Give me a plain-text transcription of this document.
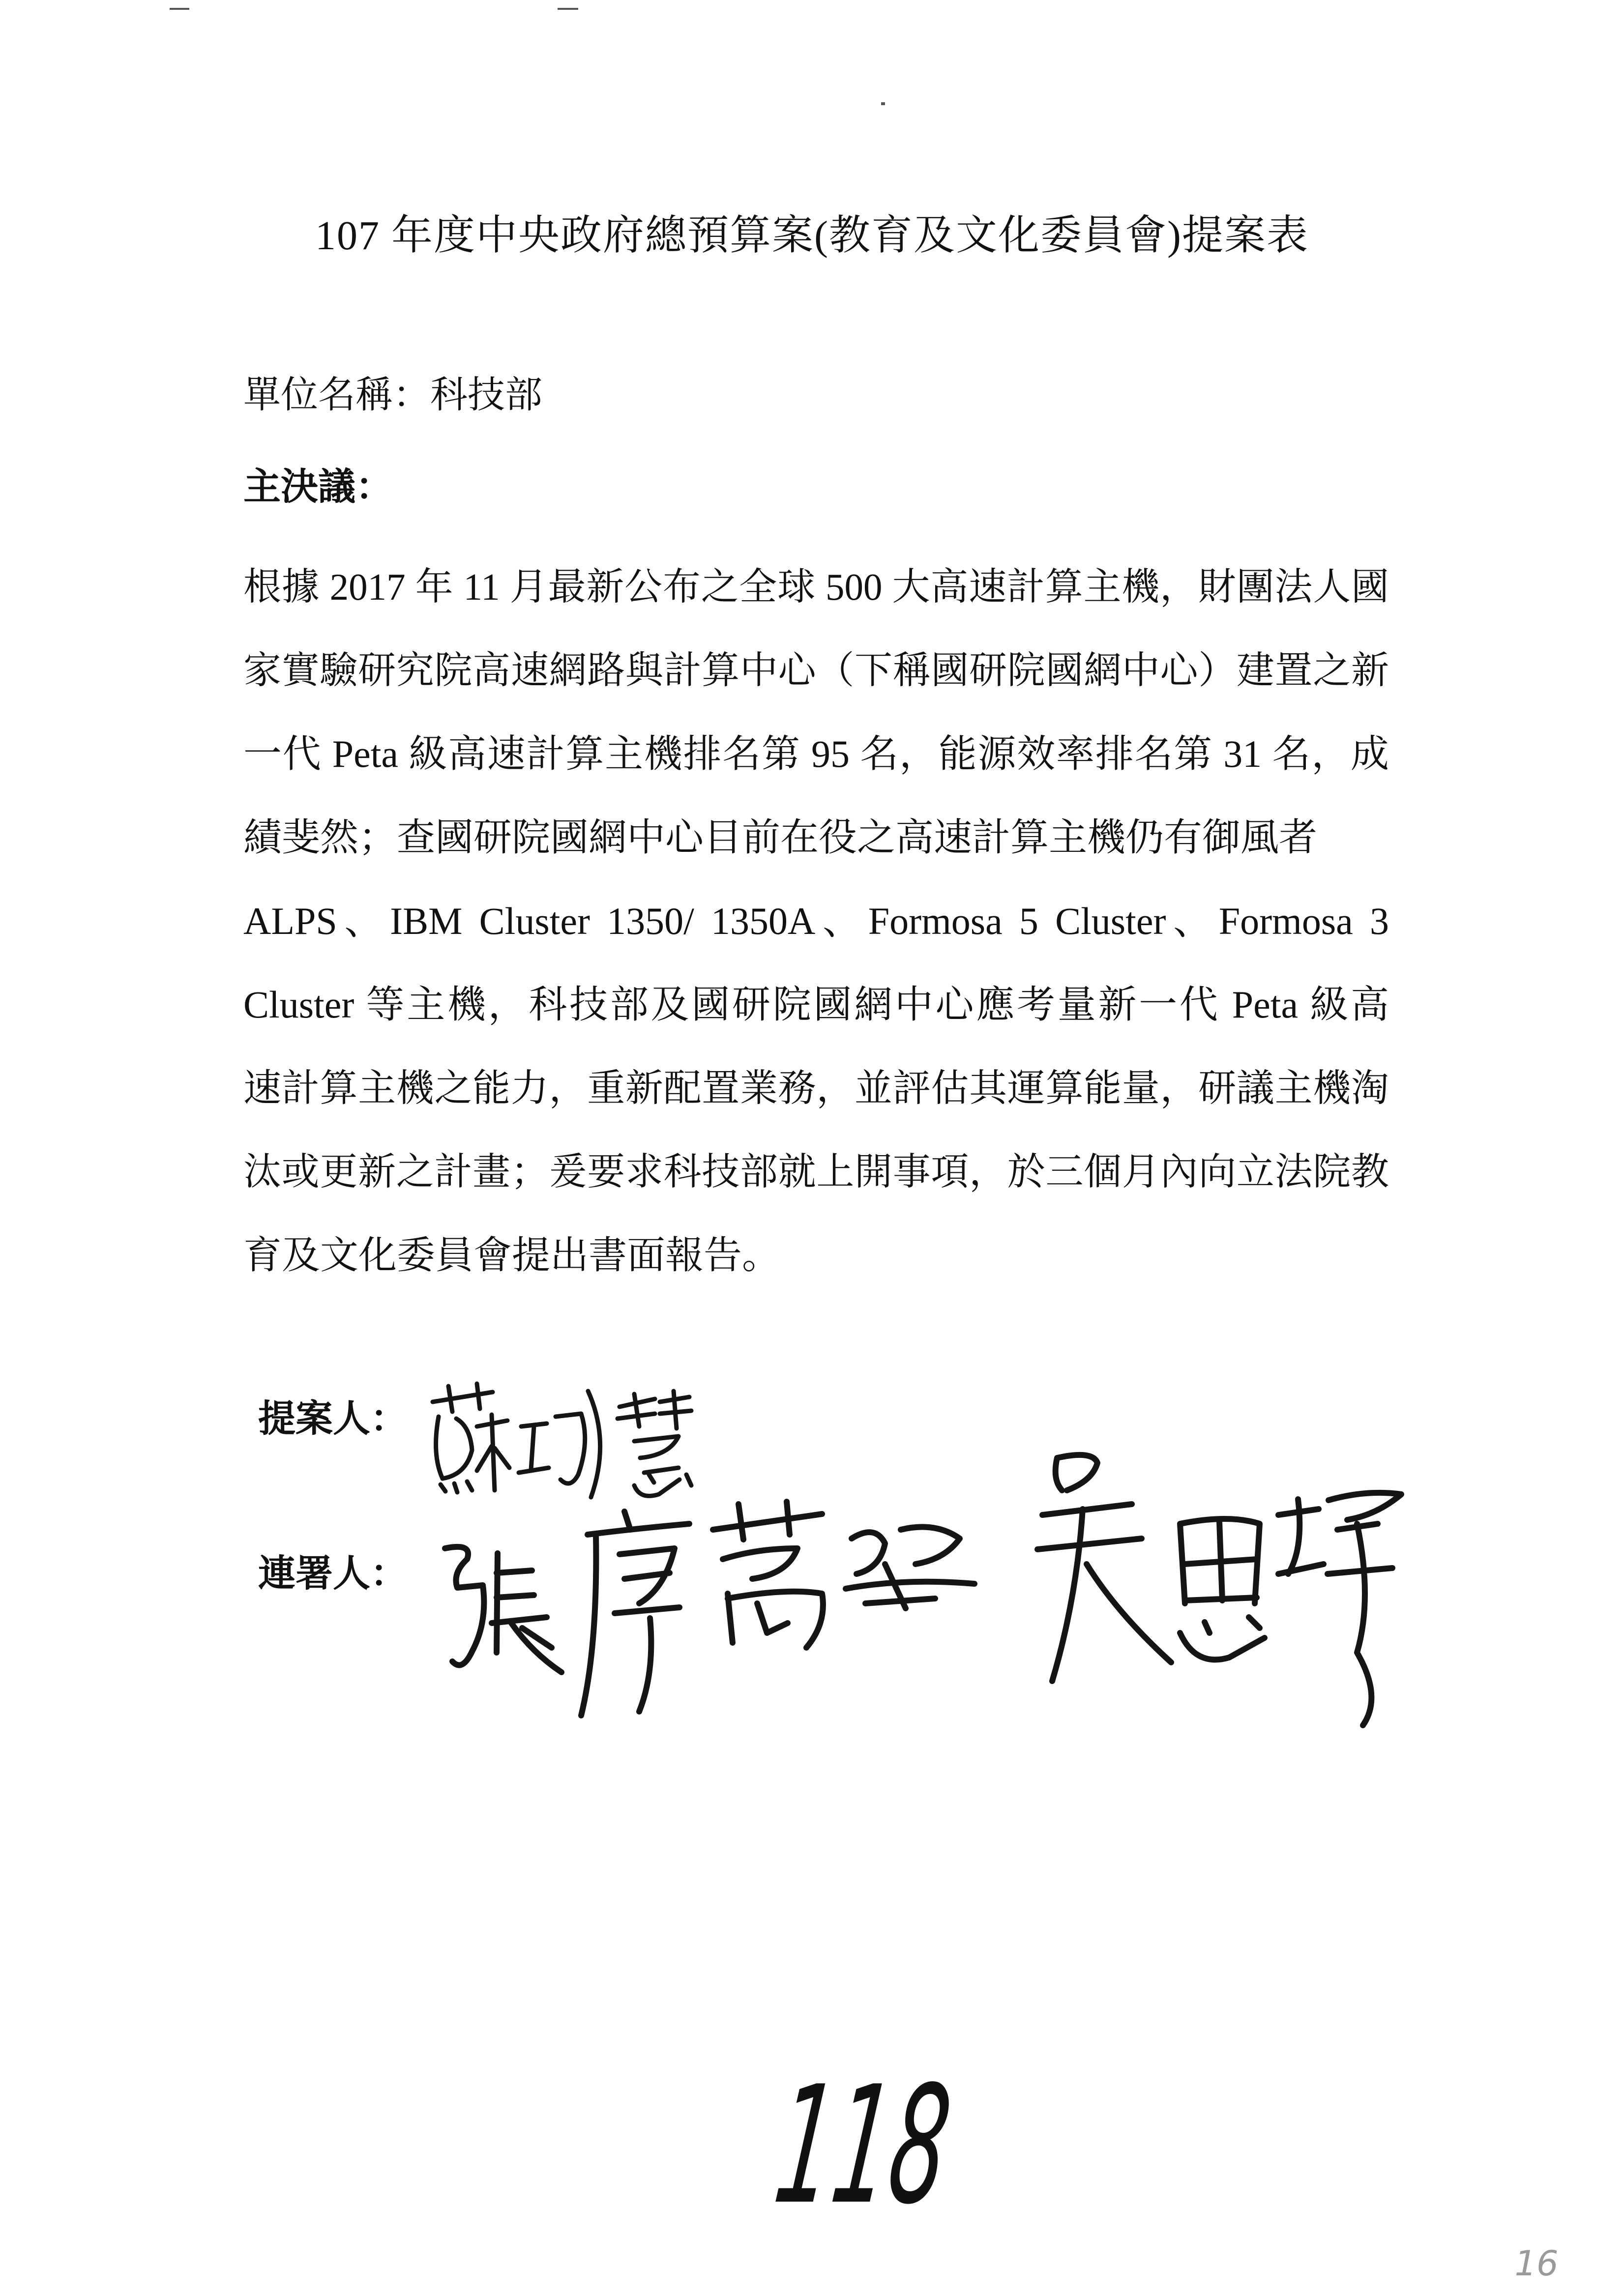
107 年度中央政府總預算案(教育及文化委員會)提案表
單位名稱：科技部
主決議：
根據 2017 年 11 月最新公布之全球 500 大高速計算主機，財團法人國
家實驗研究院高速網路與計算中心（下稱國研院國網中心）建置之新
一代 Peta 級高速計算主機排名第 95 名，能源效率排名第 31 名，成
績斐然；查國研院國網中心目前在役之高速計算主機仍有御風者
ALPS、IBM Cluster 1350/ 1350A、Formosa 5 Cluster、Formosa 3
Cluster 等主機，科技部及國研院國網中心應考量新一代 Peta 級高
速計算主機之能力，重新配置業務，並評估其運算能量，研議主機淘
汰或更新之計畫；爰要求科技部就上開事項，於三個月內向立法院教
育及文化委員會提出書面報告。
提案人：
連署人：
118
16
